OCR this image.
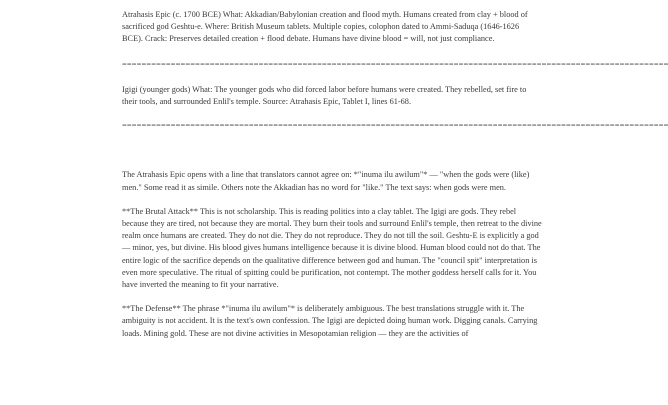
Atrahasis Epic (c. 1700 BCE) What: Akkadian/Babylonian creation and flood myth. Humans created from clay + blood of sacrificed god Geshtu-e. Where: British Museum tablets. Multiple copies, colophon dated to Ammi-Saduqa (1646-1626 BCE). Crack: Preserves detailed creation + flood debate. Humans have divine blood = will, not just compliance.

================================================================================================================

Igigi (younger gods) What: The younger gods who did forced labor before humans were created. They rebelled, set fire to their tools, and surrounded Enlil's temple. Source: Atrahasis Epic, Tablet I, lines 61-68.

================================================================================================================

The Atrahasis Epic opens with a line that translators cannot agree on: *"inuma ilu awilum"* — "when the gods were (like) men." Some read it as simile. Others note the Akkadian has no word for "like." The text says: when gods were men.

**The Brutal Attack** This is not scholarship. This is reading politics into a clay tablet. The Igigi are gods. They rebel because they are tired, not because they are mortal. They burn their tools and surround Enlil's temple, then retreat to the divine realm once humans are created. They do not die. They do not reproduce. They do not till the soil. Geshtu-E is explicitly a god — minor, yes, but divine. His blood gives humans intelligence because it is divine blood. Human blood could not do that. The entire logic of the sacrifice depends on the qualitative difference between god and human. The "council spit" interpretation is even more speculative. The ritual of spitting could be purification, not contempt. The mother goddess herself calls for it. You have inverted the meaning to fit your narrative.

**The Defense** The phrase *"inuma ilu awilum"* is deliberately ambiguous. The best translations struggle with it. The ambiguity is not accident. It is the text's own confession. The Igigi are depicted doing human work. Digging canals. Carrying loads. Mining gold. These are not divine activities in Mesopotamian religion — they are the activities of
